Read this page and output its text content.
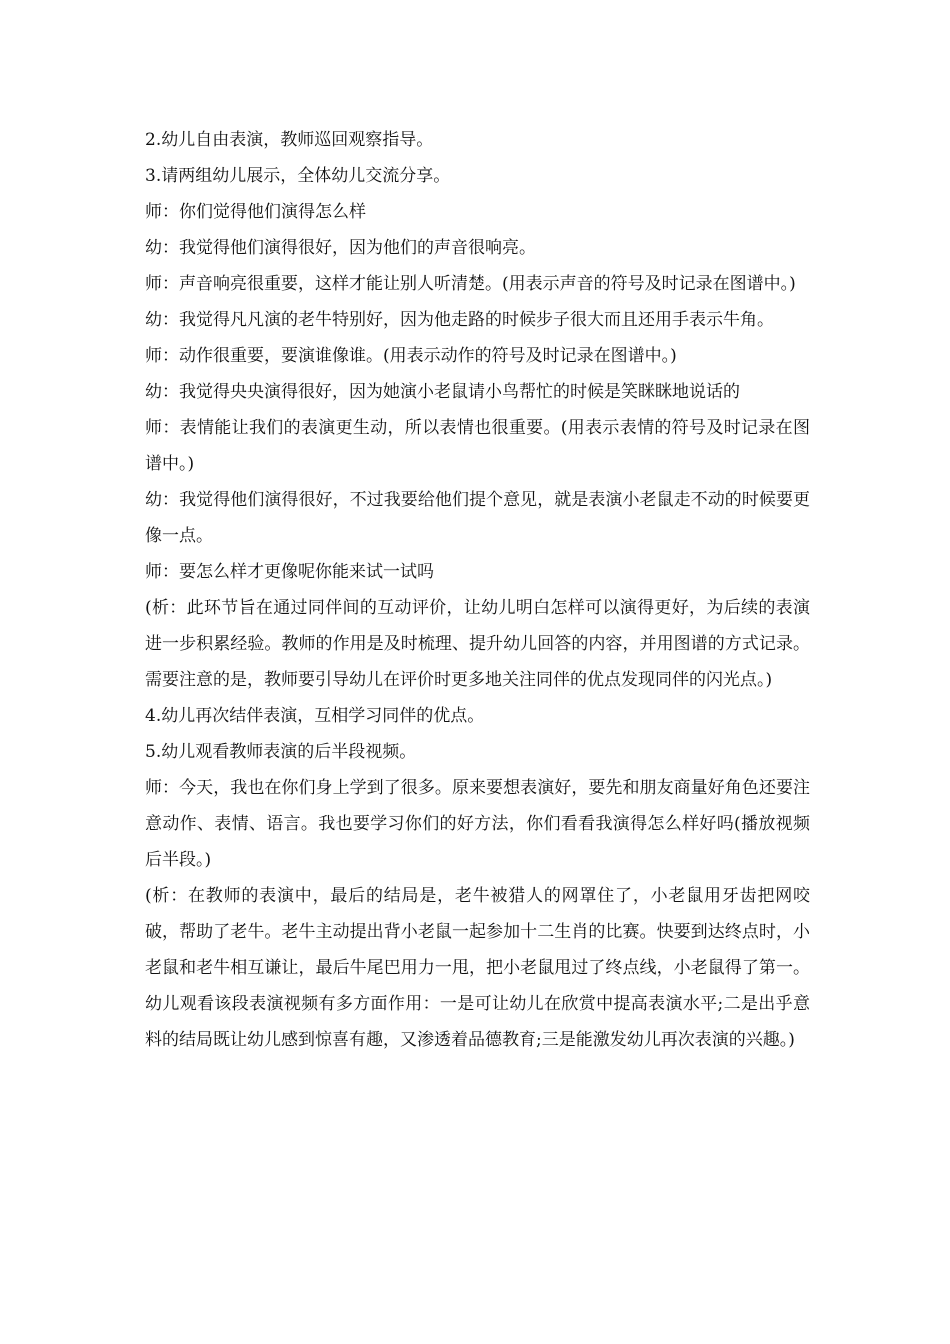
2.幼儿自由表演，教师巡回观察指导。

3.请两组幼儿展示，全体幼儿交流分享。

师：你们觉得他们演得怎么样

幼：我觉得他们演得很好，因为他们的声音很响亮。

师：声音响亮很重要，这样才能让别人听清楚。(用表示声音的符号及时记录在图谱中。)

幼：我觉得凡凡演的老牛特别好，因为他走路的时候步子很大而且还用手表示牛角。

师：动作很重要，要演谁像谁。(用表示动作的符号及时记录在图谱中。)

幼：我觉得央央演得很好，因为她演小老鼠请小鸟帮忙的时候是笑眯眯地说话的

师：表情能让我们的表演更生动，所以表情也很重要。(用表示表情的符号及时记录在图谱中。)

幼：我觉得他们演得很好，不过我要给他们提个意见，就是表演小老鼠走不动的时候要更像一点。

师：要怎么样才更像呢你能来试一试吗

(析：此环节旨在通过同伴间的互动评价，让幼儿明白怎样可以演得更好，为后续的表演进一步积累经验。教师的作用是及时梳理、提升幼儿回答的内容，并用图谱的方式记录。需要注意的是，教师要引导幼儿在评价时更多地关注同伴的优点发现同伴的闪光点。)

4.幼儿再次结伴表演，互相学习同伴的优点。

5.幼儿观看教师表演的后半段视频。

师：今天，我也在你们身上学到了很多。原来要想表演好，要先和朋友商量好角色还要注意动作、表情、语言。我也要学习你们的好方法，你们看看我演得怎么样好吗(播放视频后半段。)

(析：在教师的表演中，最后的结局是，老牛被猎人的网罩住了，小老鼠用牙齿把网咬破，帮助了老牛。老牛主动提出背小老鼠一起参加十二生肖的比赛。快要到达终点时，小老鼠和老牛相互谦让，最后牛尾巴用力一甩，把小老鼠甩过了终点线，小老鼠得了第一。幼儿观看该段表演视频有多方面作用：一是可让幼儿在欣赏中提高表演水平;二是出乎意料的结局既让幼儿感到惊喜有趣，又渗透着品德教育;三是能激发幼儿再次表演的兴趣。)
